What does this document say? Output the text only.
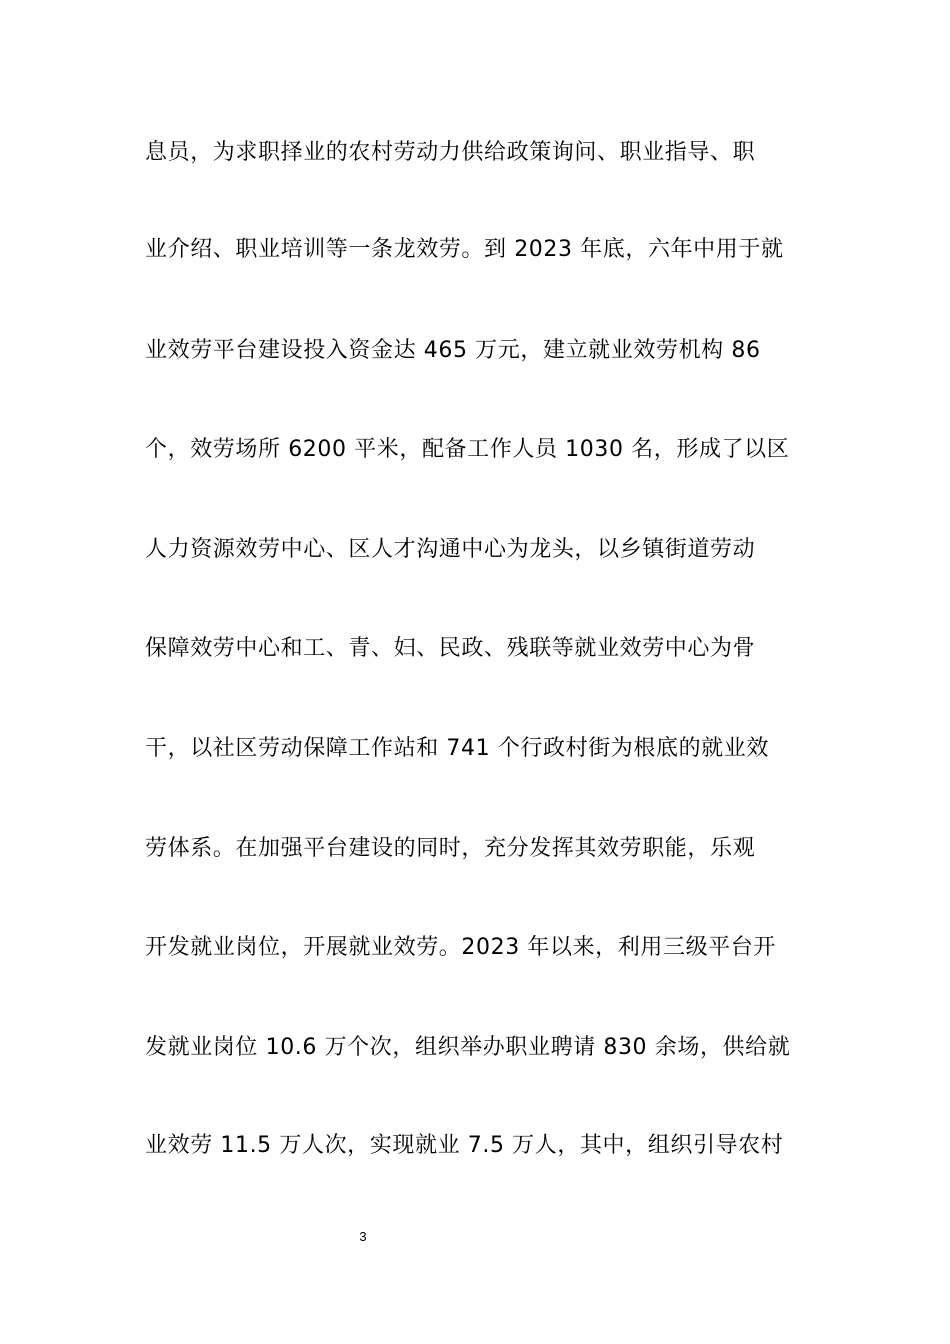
息员，为求职择业的农村劳动力供给政策询问、职业指导、职
业介绍、职业培训等一条龙效劳。到 2023 年底，六年中用于就
业效劳平台建设投入资金达 465 万元，建立就业效劳机构 86
个，效劳场所 6200 平米，配备工作人员 1030 名，形成了以区
人力资源效劳中心、区人才沟通中心为龙头，以乡镇街道劳动
保障效劳中心和工、青、妇、民政、残联等就业效劳中心为骨
干，以社区劳动保障工作站和 741 个行政村街为根底的就业效
劳体系。在加强平台建设的同时，充分发挥其效劳职能，乐观
开发就业岗位，开展就业效劳。2023 年以来，利用三级平台开
发就业岗位 10.6 万个次，组织举办职业聘请 830 余场，供给就
业效劳 11.5 万人次，实现就业 7.5 万人，其中，组织引导农村
3
